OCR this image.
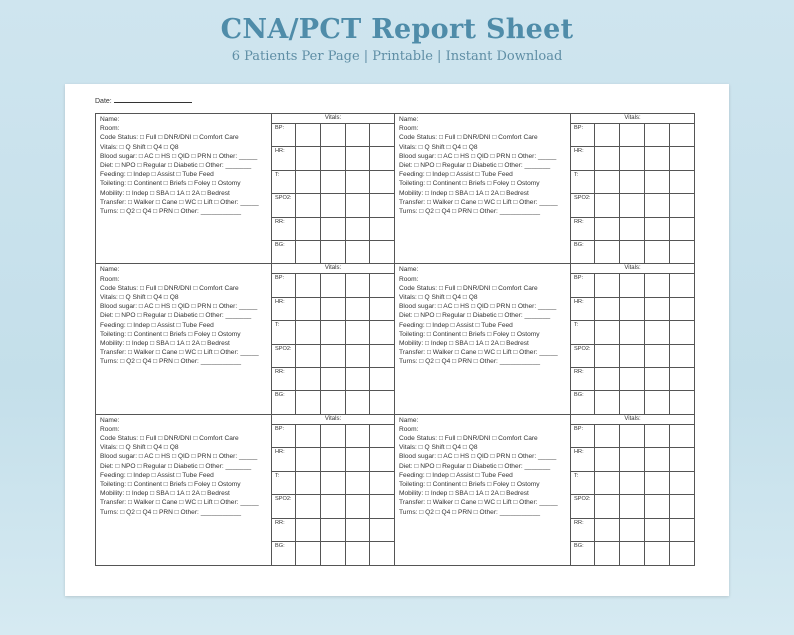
CNA/PCT Report Sheet
6 Patients Per Page | Printable | Instant Download
Date:
Name:
Room:
Code Status: □ Full □ DNR/DNI □ Comfort Care
Vitals: □ Q Shift □ Q4 □ Q8
Blood sugar: □ AC □ HS □ QID □ PRN □ Other: _____
Diet: □ NPO □ Regular □ Diabetic □ Other: _______
Feeding: □ Indep □ Assist □ Tube Feed
Toileting: □ Continent □ Briefs □ Foley □ Ostomy
Mobility: □ Indep □ SBA □ 1A □ 2A □ Bedrest
Transfer: □ Walker □ Cane □ WC □ Lift □ Other: _____
Turns: □ Q2 □ Q4 □ PRN □ Other: ___________
Vitals:
BP:
HR:
T:
SPO2:
RR:
BG:
Name:
Room:
Code Status: □ Full □ DNR/DNI □ Comfort Care
Vitals: □ Q Shift □ Q4 □ Q8
Blood sugar: □ AC □ HS □ QID □ PRN □ Other: _____
Diet: □ NPO □ Regular □ Diabetic □ Other: _______
Feeding: □ Indep □ Assist □ Tube Feed
Toileting: □ Continent □ Briefs □ Foley □ Ostomy
Mobility: □ Indep □ SBA □ 1A □ 2A □ Bedrest
Transfer: □ Walker □ Cane □ WC □ Lift □ Other: _____
Turns: □ Q2 □ Q4 □ PRN □ Other: ___________
Vitals:
BP:
HR:
T:
SPO2:
RR:
BG:
Name:
Room:
Code Status: □ Full □ DNR/DNI □ Comfort Care
Vitals: □ Q Shift □ Q4 □ Q8
Blood sugar: □ AC □ HS □ QID □ PRN □ Other: _____
Diet: □ NPO □ Regular □ Diabetic □ Other: _______
Feeding: □ Indep □ Assist □ Tube Feed
Toileting: □ Continent □ Briefs □ Foley □ Ostomy
Mobility: □ Indep □ SBA □ 1A □ 2A □ Bedrest
Transfer: □ Walker □ Cane □ WC □ Lift □ Other: _____
Turns: □ Q2 □ Q4 □ PRN □ Other: ___________
Vitals:
BP:
HR:
T:
SPO2:
RR:
BG:
Name:
Room:
Code Status: □ Full □ DNR/DNI □ Comfort Care
Vitals: □ Q Shift □ Q4 □ Q8
Blood sugar: □ AC □ HS □ QID □ PRN □ Other: _____
Diet: □ NPO □ Regular □ Diabetic □ Other: _______
Feeding: □ Indep □ Assist □ Tube Feed
Toileting: □ Continent □ Briefs □ Foley □ Ostomy
Mobility: □ Indep □ SBA □ 1A □ 2A □ Bedrest
Transfer: □ Walker □ Cane □ WC □ Lift □ Other: _____
Turns: □ Q2 □ Q4 □ PRN □ Other: ___________
Vitals:
BP:
HR:
T:
SPO2:
RR:
BG:
Name:
Room:
Code Status: □ Full □ DNR/DNI □ Comfort Care
Vitals: □ Q Shift □ Q4 □ Q8
Blood sugar: □ AC □ HS □ QID □ PRN □ Other: _____
Diet: □ NPO □ Regular □ Diabetic □ Other: _______
Feeding: □ Indep □ Assist □ Tube Feed
Toileting: □ Continent □ Briefs □ Foley □ Ostomy
Mobility: □ Indep □ SBA □ 1A □ 2A □ Bedrest
Transfer: □ Walker □ Cane □ WC □ Lift □ Other: _____
Turns: □ Q2 □ Q4 □ PRN □ Other: ___________
Vitals:
BP:
HR:
T:
SPO2:
RR:
BG:
Name:
Room:
Code Status: □ Full □ DNR/DNI □ Comfort Care
Vitals: □ Q Shift □ Q4 □ Q8
Blood sugar: □ AC □ HS □ QID □ PRN □ Other: _____
Diet: □ NPO □ Regular □ Diabetic □ Other: _______
Feeding: □ Indep □ Assist □ Tube Feed
Toileting: □ Continent □ Briefs □ Foley □ Ostomy
Mobility: □ Indep □ SBA □ 1A □ 2A □ Bedrest
Transfer: □ Walker □ Cane □ WC □ Lift □ Other: _____
Turns: □ Q2 □ Q4 □ PRN □ Other: ___________
Vitals:
BP:
HR:
T:
SPO2:
RR:
BG:
